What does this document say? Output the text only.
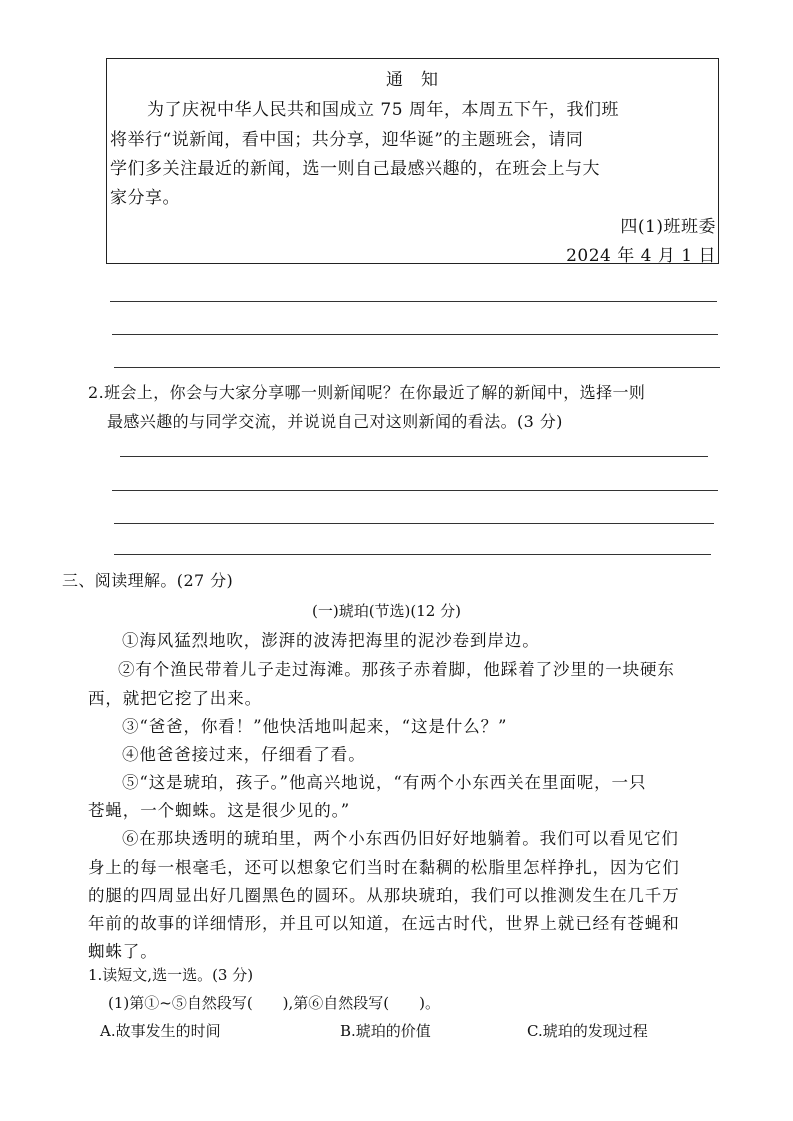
通　知
为了庆祝中华人民共和国成立 75 周年，本周五下午，我们班
将举行“说新闻，看中国；共分享，迎华诞”的主题班会，请同
学们多关注最近的新闻，选一则自己最感兴趣的，在班会上与大
家分享。
四(1)班班委
2024 年 4 月 1 日
2.班会上，你会与大家分享哪一则新闻呢？在你最近了解的新闻中，选择一则
最感兴趣的与同学交流，并说说自己对这则新闻的看法。(3 分)
三、阅读理解。(27 分)
(一)琥珀(节选)(12 分)
①海风猛烈地吹，澎湃的波涛把海里的泥沙卷到岸边。
②有个渔民带着儿子走过海滩。那孩子赤着脚，他踩着了沙里的一块硬东
西，就把它挖了出来。
③“爸爸，你看！”他快活地叫起来，“这是什么？”
④他爸爸接过来，仔细看了看。
⑤“这是琥珀，孩子。”他高兴地说，“有两个小东西关在里面呢，一只
苍蝇，一个蜘蛛。这是很少见的。”
⑥在那块透明的琥珀里，两个小东西仍旧好好地躺着。我们可以看见它们
身上的每一根毫毛，还可以想象它们当时在黏稠的松脂里怎样挣扎，因为它们
的腿的四周显出好几圈黑色的圆环。从那块琥珀，我们可以推测发生在几千万
年前的故事的详细情形，并且可以知道，在远古时代，世界上就已经有苍蝇和
蜘蛛了。
1.读短文,选一选。(3 分)
(1)第①~⑤自然段写(　　),第⑥自然段写(　　)。
A.故事发生的时间	B.琥珀的价值	C.琥珀的发现过程
